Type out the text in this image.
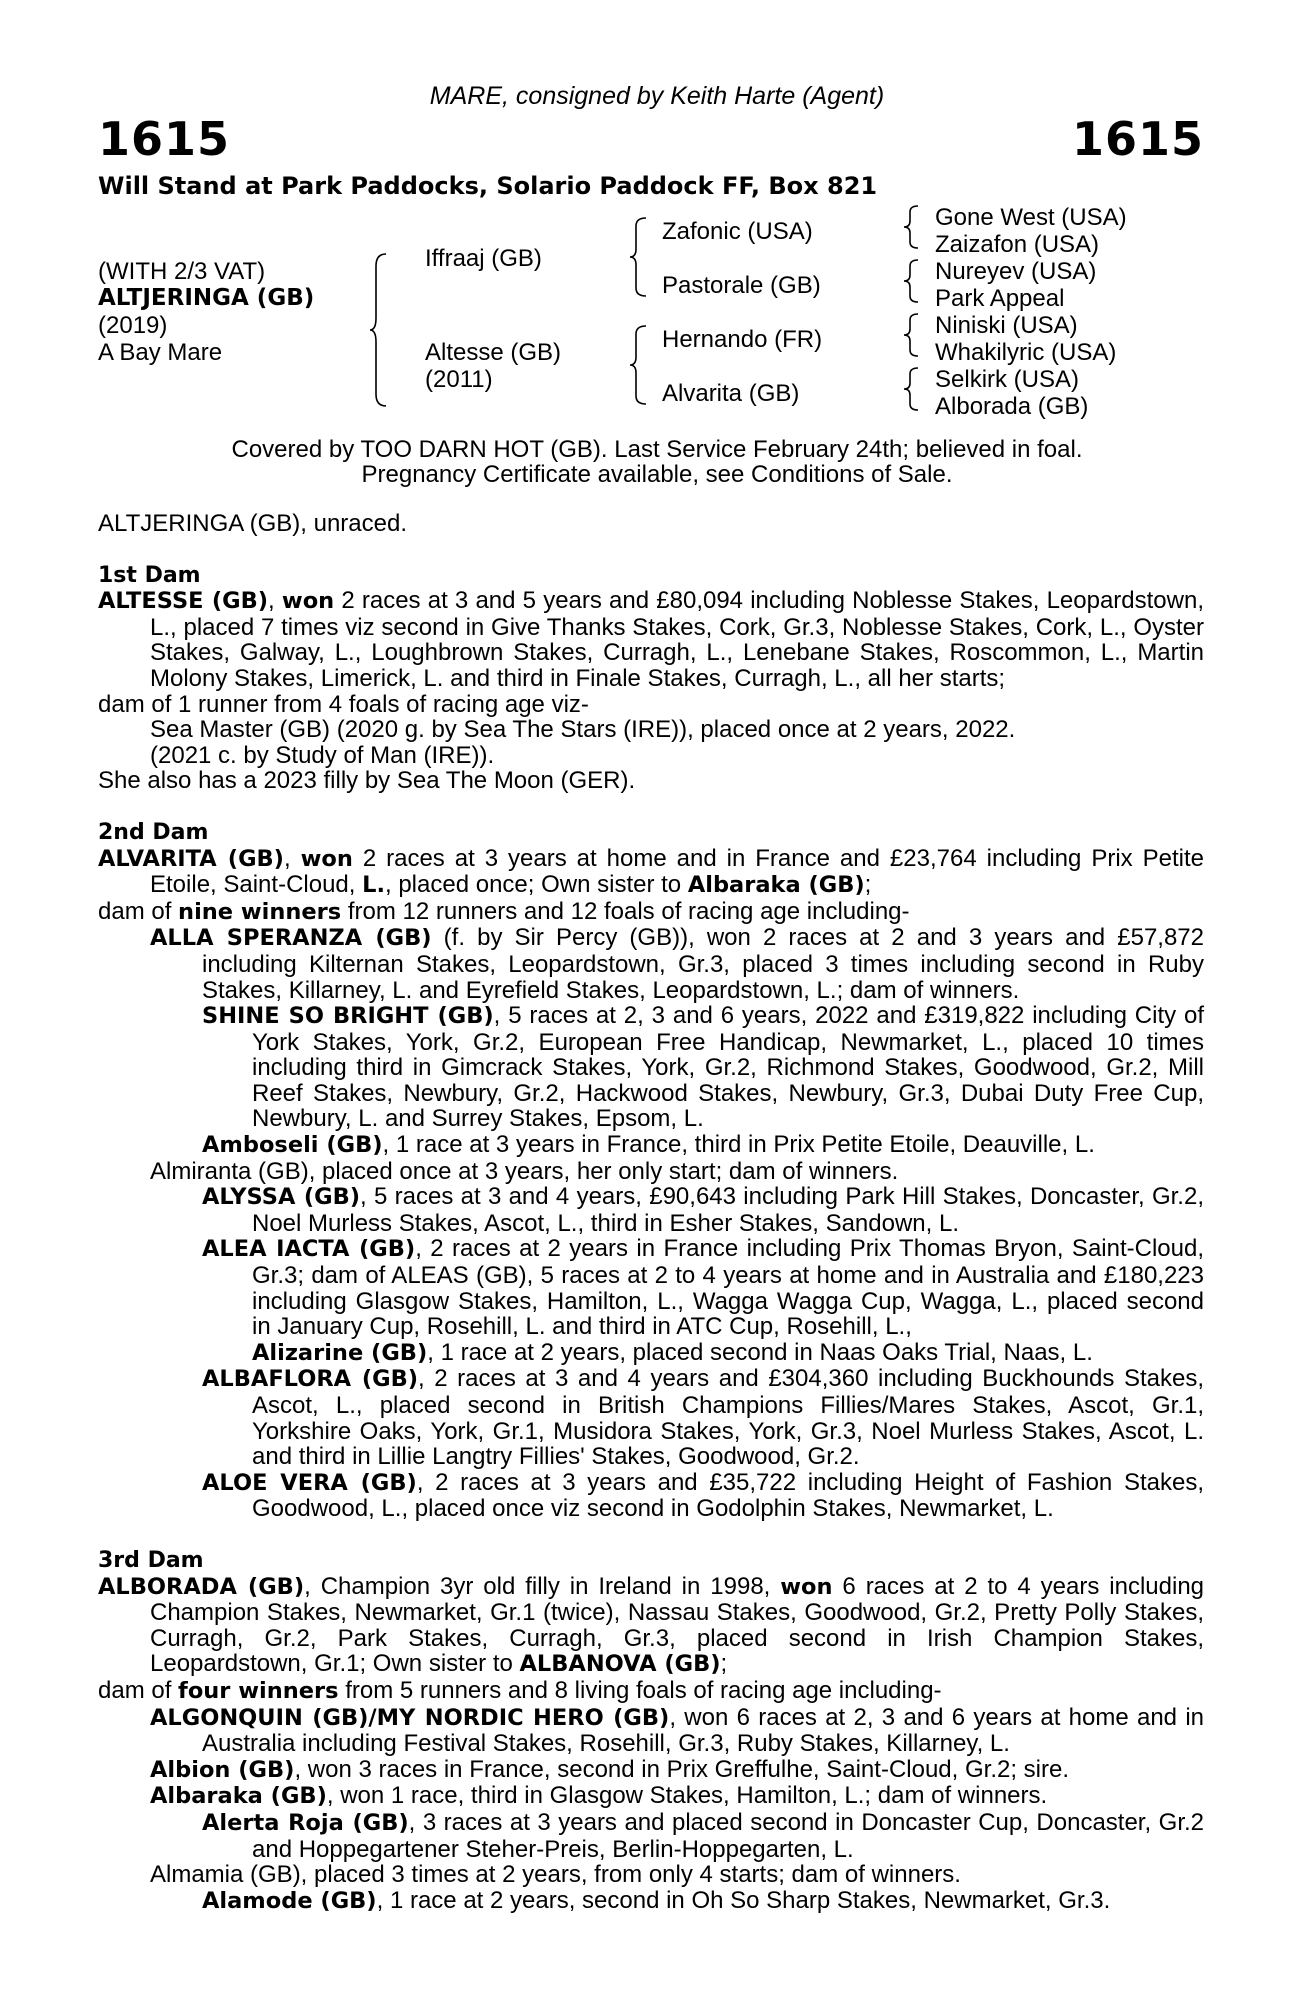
MARE, consigned by Keith Harte (Agent)
1615	1615
Will Stand at Park Paddocks, Solario Paddock FF, Box 821
(WITH 2/3 VAT)
ALTJERINGA (GB)
(2019)
A Bay Mare
Iffraaj (GB)
Altesse (GB)
(2011)
Zafonic (USA)
Pastorale (GB)
Hernando (FR)
Alvarita (GB)
Gone West (USA)
Zaizafon (USA)
Nureyev (USA)
Park Appeal
Niniski (USA)
Whakilyric (USA)
Selkirk (USA)
Alborada (GB)
Covered by TOO DARN HOT (GB). Last Service February 24th; believed in foal.
Pregnancy Certificate available, see Conditions of Sale.

ALTJERINGA (GB), unraced.

1st Dam

ALTESSE (GB), won 2 races at 3 and 5 years and £80,094 including Noblesse Stakes, Leopardstown, L., placed 7 times viz second in Give Thanks Stakes, Cork, Gr.3, Noblesse Stakes, Cork, L., Oyster Stakes, Galway, L., Loughbrown Stakes, Curragh, L., Lenebane Stakes, Roscommon, L., Martin Molony Stakes, Limerick, L. and third in Finale Stakes, Curragh, L., all her starts;

dam of 1 runner from 4 foals of racing age viz-

Sea Master (GB) (2020 g. by Sea The Stars (IRE)), placed once at 2 years, 2022.

(2021 c. by Study of Man (IRE)).

She also has a 2023 filly by Sea The Moon (GER).

2nd Dam

ALVARITA (GB), won 2 races at 3 years at home and in France and £23,764 including Prix Petite Etoile, Saint-Cloud, L., placed once; Own sister to Albaraka (GB);

dam of nine winners from 12 runners and 12 foals of racing age including-

ALLA SPERANZA (GB) (f. by Sir Percy (GB)), won 2 races at 2 and 3 years and £57,872 including Kilternan Stakes, Leopardstown, Gr.3, placed 3 times including second in Ruby Stakes, Killarney, L. and Eyrefield Stakes, Leopardstown, L.; dam of winners.

SHINE SO BRIGHT (GB), 5 races at 2, 3 and 6 years, 2022 and £319,822 including City of York Stakes, York, Gr.2, European Free Handicap, Newmarket, L., placed 10 times including third in Gimcrack Stakes, York, Gr.2, Richmond Stakes, Goodwood, Gr.2, Mill Reef Stakes, Newbury, Gr.2, Hackwood Stakes, Newbury, Gr.3, Dubai Duty Free Cup, Newbury, L. and Surrey Stakes, Epsom, L.

Amboseli (GB), 1 race at 3 years in France, third in Prix Petite Etoile, Deauville, L.

Almiranta (GB), placed once at 3 years, her only start; dam of winners.

ALYSSA (GB), 5 races at 3 and 4 years, £90,643 including Park Hill Stakes, Doncaster, Gr.2, Noel Murless Stakes, Ascot, L., third in Esher Stakes, Sandown, L.

ALEA IACTA (GB), 2 races at 2 years in France including Prix Thomas Bryon, Saint-Cloud, Gr.3; dam of ALEAS (GB), 5 races at 2 to 4 years at home and in Australia and £180,223 including Glasgow Stakes, Hamilton, L., Wagga Wagga Cup, Wagga, L., placed second in January Cup, Rosehill, L. and third in ATC Cup, Rosehill, L.,

Alizarine (GB), 1 race at 2 years, placed second in Naas Oaks Trial, Naas, L.

ALBAFLORA (GB), 2 races at 3 and 4 years and £304,360 including Buckhounds Stakes, Ascot, L., placed second in British Champions Fillies/Mares Stakes, Ascot, Gr.1, Yorkshire Oaks, York, Gr.1, Musidora Stakes, York, Gr.3, Noel Murless Stakes, Ascot, L. and third in Lillie Langtry Fillies' Stakes, Goodwood, Gr.2.

ALOE VERA (GB), 2 races at 3 years and £35,722 including Height of Fashion Stakes, Goodwood, L., placed once viz second in Godolphin Stakes, Newmarket, L.

3rd Dam

ALBORADA (GB), Champion 3yr old filly in Ireland in 1998, won 6 races at 2 to 4 years including Champion Stakes, Newmarket, Gr.1 (twice), Nassau Stakes, Goodwood, Gr.2, Pretty Polly Stakes, Curragh, Gr.2, Park Stakes, Curragh, Gr.3, placed second in Irish Champion Stakes, Leopardstown, Gr.1; Own sister to ALBANOVA (GB);

dam of four winners from 5 runners and 8 living foals of racing age including-

ALGONQUIN (GB)/MY NORDIC HERO (GB), won 6 races at 2, 3 and 6 years at home and in Australia including Festival Stakes, Rosehill, Gr.3, Ruby Stakes, Killarney, L.

Albion (GB), won 3 races in France, second in Prix Greffulhe, Saint-Cloud, Gr.2; sire.

Albaraka (GB), won 1 race, third in Glasgow Stakes, Hamilton, L.; dam of winners.

Alerta Roja (GB), 3 races at 3 years and placed second in Doncaster Cup, Doncaster, Gr.2 and Hoppegartener Steher-Preis, Berlin-Hoppegarten, L.

Almamia (GB), placed 3 times at 2 years, from only 4 starts; dam of winners.

Alamode (GB), 1 race at 2 years, second in Oh So Sharp Stakes, Newmarket, Gr.3.
